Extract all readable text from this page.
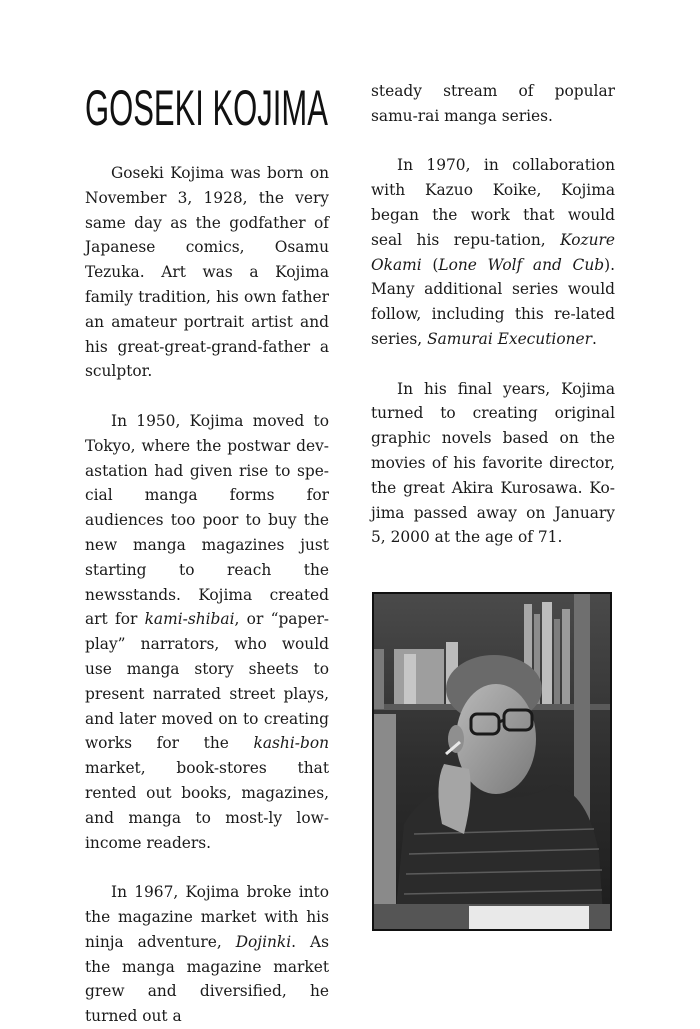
GOSEKI KOJIMA

Goseki Kojima was born on November 3, 1928, the very same day as the godfather of Japanese comics, Osamu Tezuka. Art was a Kojima family tradition, his own father an amateur portrait artist and his great-great-grand-father a sculptor.

In 1950, Kojima moved to Tokyo, where the postwar dev-astation had given rise to spe-cial manga forms for audiences too poor to buy the new manga magazines just starting to reach the newsstands. Kojima created art for kami-shibai, or “paper-play” narrators, who would use manga story sheets to present narrated street plays, and later moved on to creating works for the kashi-bon market, book-stores that rented out books, magazines, and manga to most-ly low-income readers.

In 1967, Kojima broke into the magazine market with his ninja adventure, Dojinki. As the manga magazine market grew and diversified, he turned out a

steady stream of popular samu-rai manga series.

In 1970, in collaboration with Kazuo Koike, Kojima began the work that would seal his repu-tation, Kozure Okami (Lone Wolf and Cub). Many additional series would follow, including this re-lated series, Samurai Executioner.

In his final years, Kojima turned to creating original graphic novels based on the movies of his favorite director, the great Akira Kurosawa. Ko-jima passed away on January 5, 2000 at the age of 71.
